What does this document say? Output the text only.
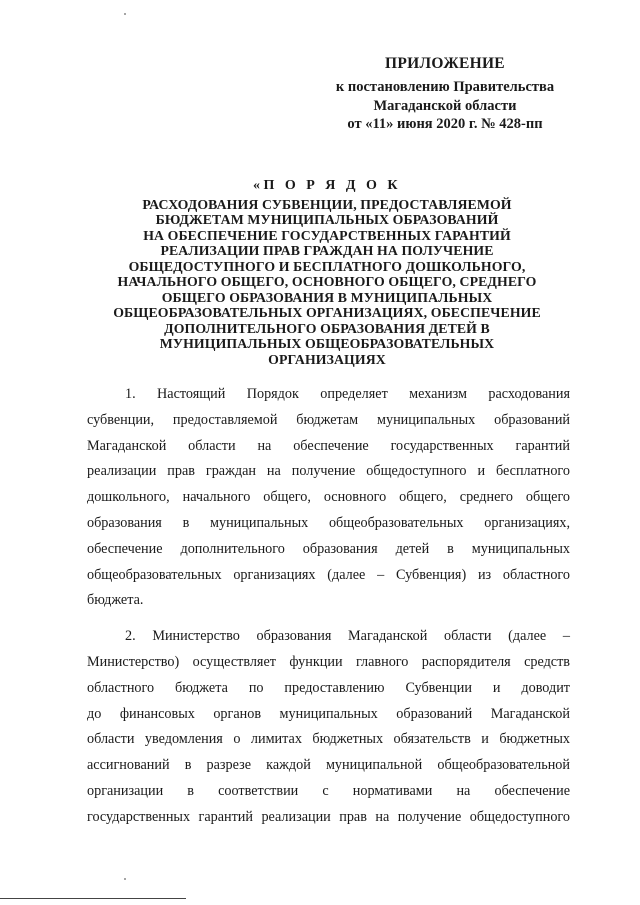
ПРИЛОЖЕНИЕ
к постановлению Правительства
Магаданской области
от «11» июня 2020 г. № 428-пп
«П О Р Я Д О К
РАСХОДОВАНИЯ СУБВЕНЦИИ, ПРЕДОСТАВЛЯЕМОЙ
БЮДЖЕТАМ МУНИЦИПАЛЬНЫХ ОБРАЗОВАНИЙ
НА ОБЕСПЕЧЕНИЕ ГОСУДАРСТВЕННЫХ ГАРАНТИЙ
РЕАЛИЗАЦИИ ПРАВ ГРАЖДАН НА ПОЛУЧЕНИЕ
ОБЩЕДОСТУПНОГО И БЕСПЛАТНОГО ДОШКОЛЬНОГО,
НАЧАЛЬНОГО ОБЩЕГО, ОСНОВНОГО ОБЩЕГО, СРЕДНЕГО
ОБЩЕГО ОБРАЗОВАНИЯ В МУНИЦИПАЛЬНЫХ
ОБЩЕОБРАЗОВАТЕЛЬНЫХ ОРГАНИЗАЦИЯХ, ОБЕСПЕЧЕНИЕ
ДОПОЛНИТЕЛЬНОГО ОБРАЗОВАНИЯ ДЕТЕЙ В
МУНИЦИПАЛЬНЫХ ОБЩЕОБРАЗОВАТЕЛЬНЫХ
ОРГАНИЗАЦИЯХ
1. Настоящий Порядок определяет механизм расходования
субвенции, предоставляемой бюджетам муниципальных образований
Магаданской области на обеспечение государственных гарантий
реализации прав граждан на получение общедоступного и бесплатного
дошкольного, начального общего, основного общего, среднего общего
образования в муниципальных общеобразовательных организациях,
обеспечение дополнительного образования детей в муниципальных
общеобразовательных организациях (далее – Субвенция) из областного
бюджета.
2. Министерство образования Магаданской области (далее –
Министерство) осуществляет функции главного распорядителя средств
областного бюджета по предоставлению Субвенции и доводит
до финансовых органов муниципальных образований Магаданской
области уведомления о лимитах бюджетных обязательств и бюджетных
ассигнований в разрезе каждой муниципальной общеобразовательной
организации в соответствии с нормативами на обеспечение
государственных гарантий реализации прав на получение общедоступного
